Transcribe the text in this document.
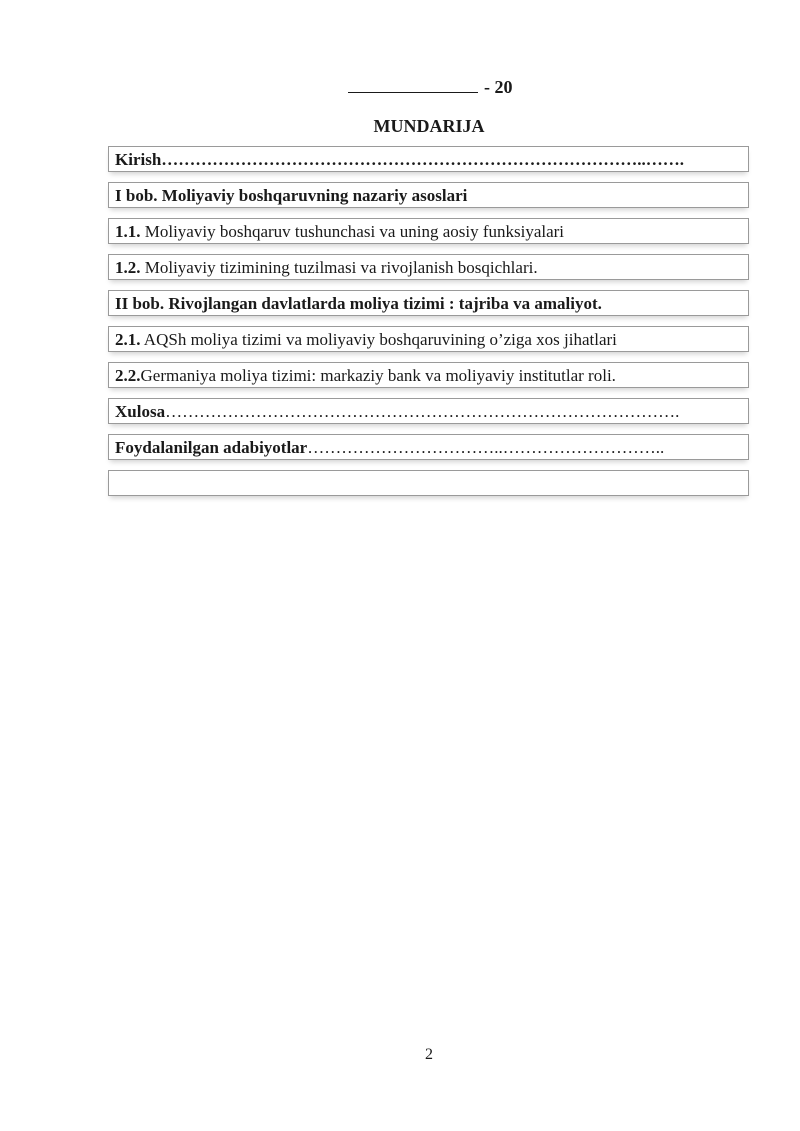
- 20
MUNDARIJA
Kirish…………………………………………………………………………..…….
I bob. Moliyaviy boshqaruvning nazariy asoslari
1.1. Moliyaviy boshqaruv tushunchasi va uning aosiy funksiyalari
1.2. Moliyaviy tizimining tuzilmasi va rivojlanish bosqichlari.
II bob. Rivojlangan davlatlarda moliya tizimi : tajriba va amaliyot.
2.1. AQSh moliya tizimi va moliyaviy boshqaruvining o’ziga xos jihatlari
2.2.Germaniya moliya tizimi: markaziy bank va moliyaviy institutlar roli.
Xulosa……………………………………………………………………………….
Foydalanilgan adabiyotlar……………………………..………………………..
2
